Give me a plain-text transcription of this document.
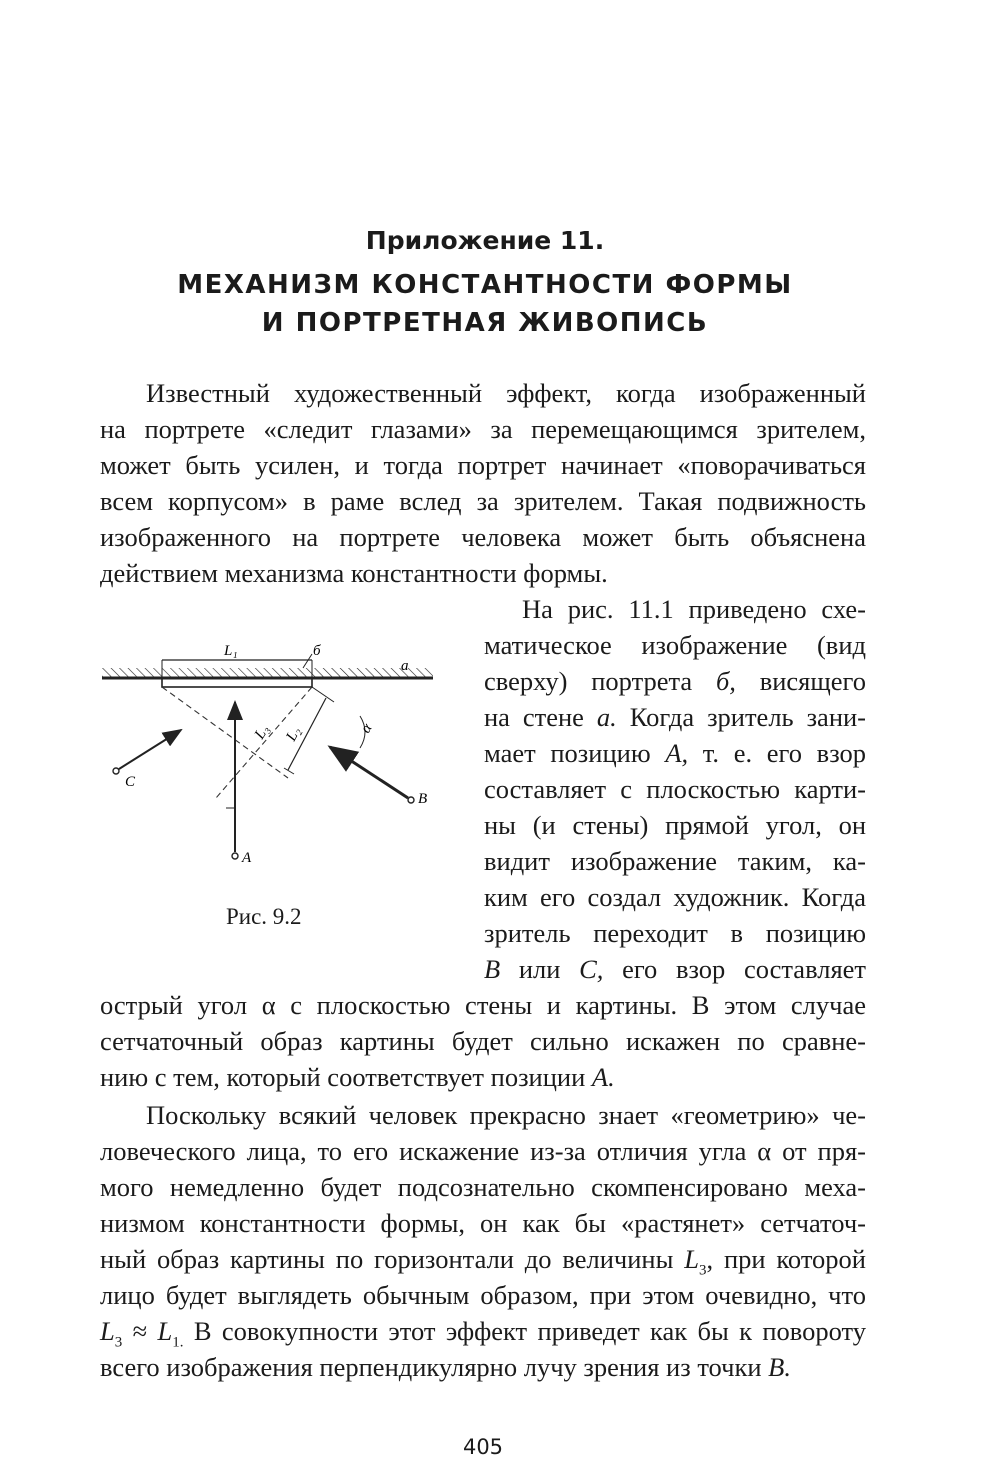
Приложение 11.
МЕХАНИЗМ КОНСТАНТНОСТИ ФОРМЫ
И ПОРТРЕТНАЯ ЖИВОПИСЬ
Известный художественный эффект, когда изображенный
на портрете «следит глазами» за перемещающимся зрителем,
может быть усилен, и тогда портрет начинает «поворачиваться
всем корпусом» в раме вслед за зрителем. Такая подвижность
изображенного на портрете человека может быть объяснена
действием механизма константности формы.
На рис. 11.1 приведено схе-
матическое изображение (вид
сверху) портрета б, висящего
на стене а. Когда зритель зани-
мает позицию А, т. е. его взор
составляет с плоскостью карти-
ны (и стены) прямой угол, он
видит изображение таким, ка-
ким его создал художник. Когда
зритель переходит в позицию
В или С, его взор составляет
острый угол α с плоскостью стены и картины. В этом случае
сетчаточный образ картины будет сильно искажен по сравне-
нию с тем, который соответствует позиции А.
Поскольку всякий человек прекрасно знает «геометрию» че-
ловеческого лица, то его искажение из-за отличия угла α от пря-
мого немедленно будет подсознательно скомпенсировано меха-
низмом константности формы, он как бы «растянет» сетчаточ-
ный образ картины по горизонтали до величины $L_3$, при которой
лицо будет выглядеть обычным образом, при этом очевидно, что
$L_3 \approx L_{1.}$ В совокупности этот эффект приведет как бы к повороту
всего изображения перпендикулярно лучу зрения из точки В.
L₁	б
а
L₃ L₂	α
С
В
А
Рис. 9.2
405
